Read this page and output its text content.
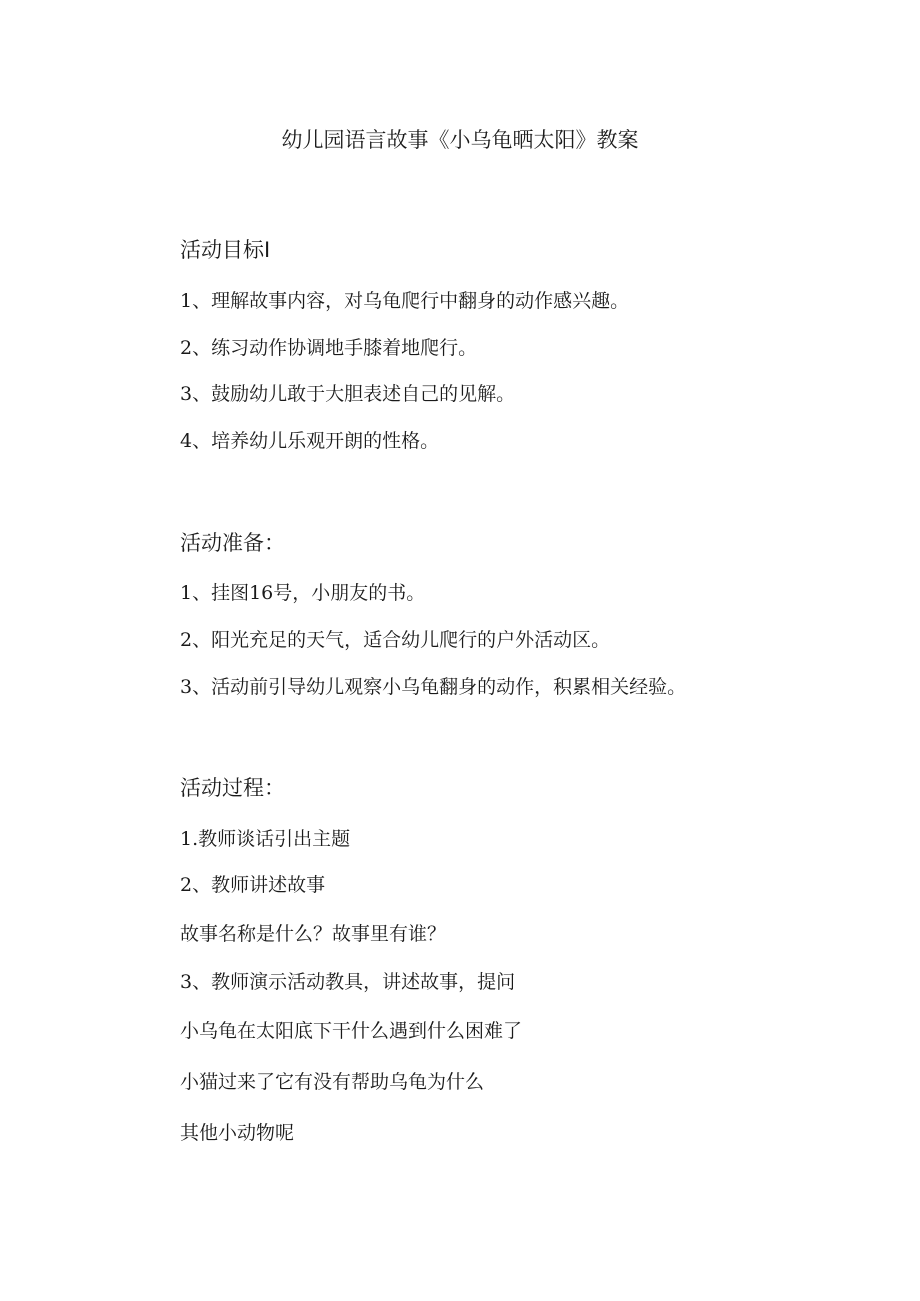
幼儿园语言故事《小乌龟晒太阳》教案
活动目标I
1、理解故事内容，对乌龟爬行中翻身的动作感兴趣。
2、练习动作协调地手膝着地爬行。
3、鼓励幼儿敢于大胆表述自己的见解。
4、培养幼儿乐观开朗的性格。
活动准备：
1、挂图16号，小朋友的书。
2、阳光充足的天气，适合幼儿爬行的户外活动区。
3、活动前引导幼儿观察小乌龟翻身的动作，积累相关经验。
活动过程：
1.教师谈话引出主题
2、教师讲述故事
故事名称是什么？故事里有谁？
3、教师演示活动教具，讲述故事，提问
小乌龟在太阳底下干什么遇到什么困难了
小猫过来了它有没有帮助乌龟为什么
其他小动物呢
